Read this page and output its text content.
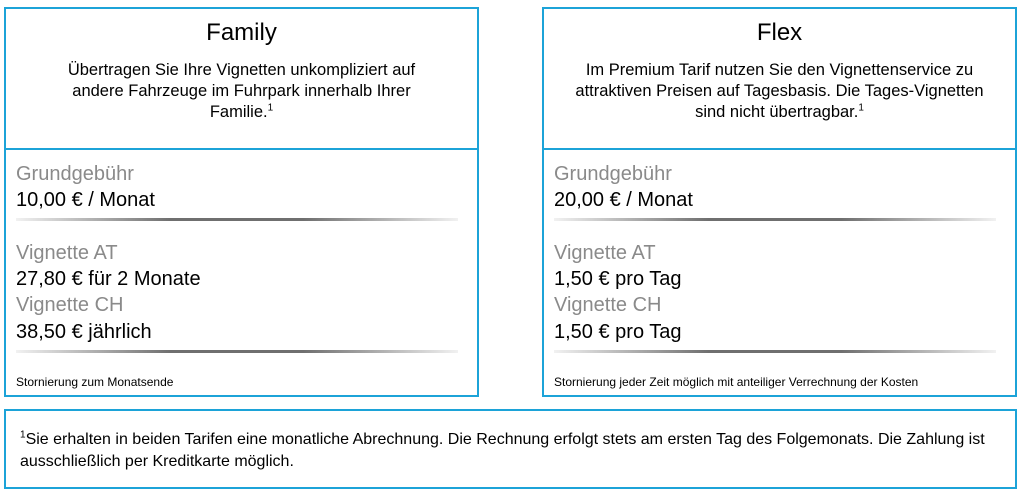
Family
Übertragen Sie Ihre Vignetten unkompliziert auf andere Fahrzeuge im Fuhrpark innerhalb Ihrer Familie.$^1$
Grundgebühr
10,00 € / Monat
Vignette AT
27,80 € für 2 Monate
Vignette CH
38,50 € jährlich
Stornierung zum Monatsende
Flex
Im Premium Tarif nutzen Sie den Vignettenservice zu attraktiven Preisen auf Tagesbasis. Die Tages-Vignetten sind nicht übertragbar.$^1$
Grundgebühr
20,00 € / Monat
Vignette AT
1,50 € pro Tag
Vignette CH
1,50 € pro Tag
Stornierung jeder Zeit möglich mit anteiliger Verrechnung der Kosten
$^1$Sie erhalten in beiden Tarifen eine monatliche Abrechnung. Die Rechnung erfolgt stets am ersten Tag des Folgemonats. Die Zahlung ist ausschließlich per Kreditkarte möglich.
